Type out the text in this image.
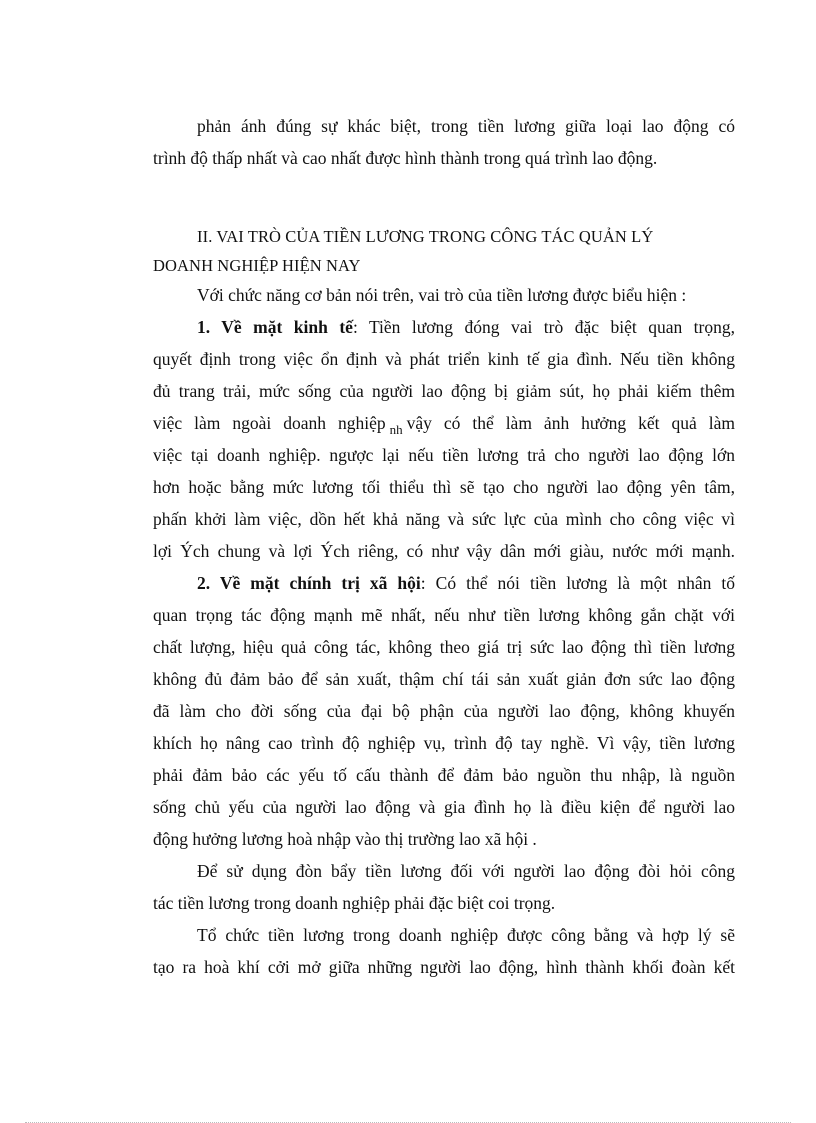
phản ánh đúng sự khác biệt, trong tiền lương giữa loại lao động có
trình độ thấp nhất và cao nhất được hình thành trong quá trình lao động.
II. VAI TRÒ CỦA TIỀN LƯƠNG TRONG CÔNG TÁC QUẢN LÝ
DOANH NGHIỆP HIỆN NAY
Với chức năng cơ bản nói trên, vai trò của tiền lương được biểu hiện :
1. Về mặt kinh tế: Tiền lương đóng vai trò đặc biệt quan trọng,
quyết định trong việc ổn định và phát triển kinh tế gia đình. Nếu tiền không
đủ trang trải, mức sống của người lao động bị giảm sút, họ phải kiếm thêm
việc làm ngoài doanh nghiệp $_{nh}$ vậy có thể làm ảnh hưởng kết quả làm
việc tại doanh nghiệp. ngược lại nếu tiền lương trả cho người lao động lớn
hơn hoặc bằng mức lương tối thiểu thì sẽ tạo cho người lao động yên tâm,
phấn khởi làm việc, dồn hết khả năng và sức lực của mình cho công việc vì
lợi Ých chung và lợi Ých riêng, có như vậy dân mới giàu, nước mới mạnh.
2. Về mặt chính trị xã hội: Có thể nói tiền lương là một nhân tố
quan trọng tác động mạnh mẽ nhất, nếu như tiền lương không gắn chặt với
chất lượng, hiệu quả công tác, không theo giá trị sức lao động thì tiền lương
không đủ đảm bảo để sản xuất, thậm chí tái sản xuất giản đơn sức lao động
đã làm cho đời sống của đại bộ phận của người lao động, không khuyến
khích họ nâng cao trình độ nghiệp vụ, trình độ tay nghề. Vì vậy, tiền lương
phải đảm bảo các yếu tố cấu thành để đảm bảo nguồn thu nhập, là nguồn
sống chủ yếu của người lao động và gia đình họ là điều kiện để người lao
động hưởng lương hoà nhập vào thị trường lao xã hội .
Để sử dụng đòn bẩy tiền lương đối với người lao động đòi hỏi công
tác tiền lương trong doanh nghiệp phải đặc biệt coi trọng.
Tổ chức tiền lương trong doanh nghiệp được công bằng và hợp lý sẽ
tạo ra hoà khí cởi mở giữa những người lao động, hình thành khối đoàn kết
